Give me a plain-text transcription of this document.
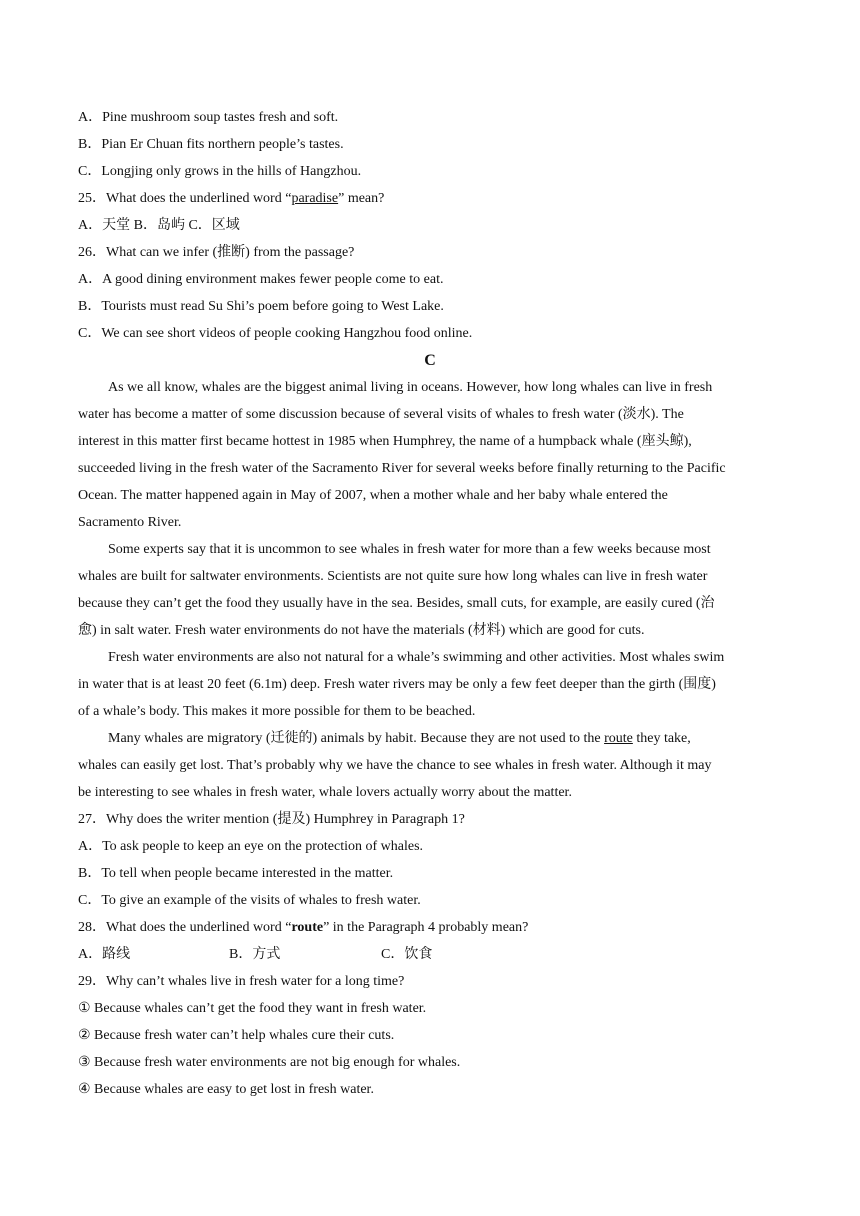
A．Pine mushroom soup tastes fresh and soft.
B．Pian Er Chuan fits northern people’s tastes.
C．Longjing only grows in the hills of Hangzhou.
25．What does the underlined word “paradise” mean?
A．天堂 B．岛屿 C．区域
26．What can we infer (推断) from the passage?
A．A good dining environment makes fewer people come to eat.
B．Tourists must read Su Shi’s poem before going to West Lake.
C．We can see short videos of people cooking Hangzhou food online.
C
As we all know, whales are the biggest animal living in oceans. However, how long whales can live in fresh
water has become a matter of some discussion because of several visits of whales to fresh water (淡水). The
interest in this matter first became hottest in 1985 when Humphrey, the name of a humpback whale (座头鲸),
succeeded living in the fresh water of the Sacramento River for several weeks before finally returning to the Pacific
Ocean. The matter happened again in May of 2007, when a mother whale and her baby whale entered the
Sacramento River.
Some experts say that it is uncommon to see whales in fresh water for more than a few weeks because most
whales are built for saltwater environments. Scientists are not quite sure how long whales can live in fresh water
because they can’t get the food they usually have in the sea. Besides, small cuts, for example, are easily cured (治
愈) in salt water. Fresh water environments do not have the materials (材料) which are good for cuts.
Fresh water environments are also not natural for a whale’s swimming and other activities. Most whales swim
in water that is at least 20 feet (6.1m) deep. Fresh water rivers may be only a few feet deeper than the girth (围度)
of a whale’s body. This makes it more possible for them to be beached.
Many whales are migratory (迁徙的) animals by habit. Because they are not used to the route they take,
whales can easily get lost. That’s probably why we have the chance to see whales in fresh water. Although it may
be interesting to see whales in fresh water, whale lovers actually worry about the matter.
27．Why does the writer mention (提及) Humphrey in Paragraph 1?
A．To ask people to keep an eye on the protection of whales.
B．To tell when people became interested in the matter.
C．To give an example of the visits of whales to fresh water.
28．What does the underlined word “route” in the Paragraph 4 probably mean?
A．路线	B．方式	C．饮食
29．Why can’t whales live in fresh water for a long time?
① Because whales can’t get the food they want in fresh water.
② Because fresh water can’t help whales cure their cuts.
③ Because fresh water environments are not big enough for whales.
④ Because whales are easy to get lost in fresh water.
